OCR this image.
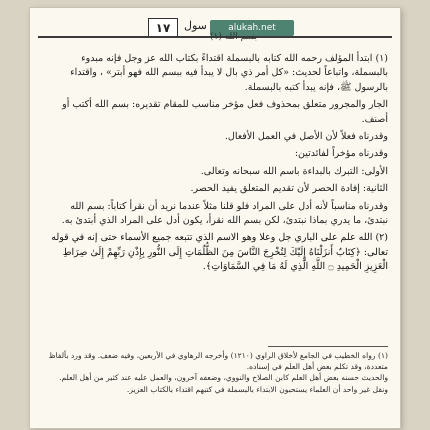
١٧	سول	alukah.net
بسم الله (١)

(١) ابتدأ المؤلف رحمه الله كتابه بالبسملة اقتداءً بكتاب الله عز وجل فإنه مبدوء بالبسملة، واتباعاً لحديث: «كل أمر ذي بال لا يبدأ فيه ببسم الله فهو أبتر» ، واقتداء بالرسول ﷺ، فإنه يبدأ كتبه بالبسملة.

الجار والمجرور متعلق بمحذوف فعل مؤخر مناسب للمقام تقديره: بسم الله أكتب أو أصنف.

وقدرناه فعلاً لأن الأصل في العمل الأفعال.

وقدرناه مؤخراً لفائدتين:

الأولى: التبرك بالبداءة باسم الله سبحانه وتعالى.

الثانية: إفادة الحصر لأن تقديم المتعلق يفيد الحصر.

وقدرناه مناسباً لأنه أدل على المراد فلو قلنا مثلاً عندما نريد أن نقرأ كتاباً: بسم الله نبتدئ، ما يدري بماذا نبتدئ، لكن بسم الله نقرأ، يكون أدل على المراد الذي أبتدئ به.

(٢) الله علم على الباري جل وعلا وهو الاسم الذي تتبعه جميع الأسماء حتى إنه في قوله تعالى: ﴿كِتَابٌ أَنزَلْنَاهُ إِلَيْكَ لِتُخْرِجَ النَّاسَ مِنَ الظُّلُمَاتِ إِلَى النُّورِ بِإِذْنِ رَبِّهِمْ إِلَىٰ صِرَاطِ الْعَزِيزِ الْحَمِيدِ ۝ اللَّهِ الَّذِي لَهُ مَا فِي السَّمَاوَاتِ﴾.

(١) رواه الخطيب في الجامع لأخلاق الراوي (١٢١٠) وأخرجه الرهاوي في الأربعين، وفيه ضعف. وقد ورد بألفاظ متعددة، وقد تكلم بعض أهل العلم في إسناده.

والحديث حسنه بعض أهل العلم كابن الصلاح والنووي، وضعفه آخرون، والعمل عليه عند كثير من أهل العلم.

ونقل غير واحد أن العلماء يستحبون الابتداء بالبسملة في كتبهم اقتداء بالكتاب العزيز.
